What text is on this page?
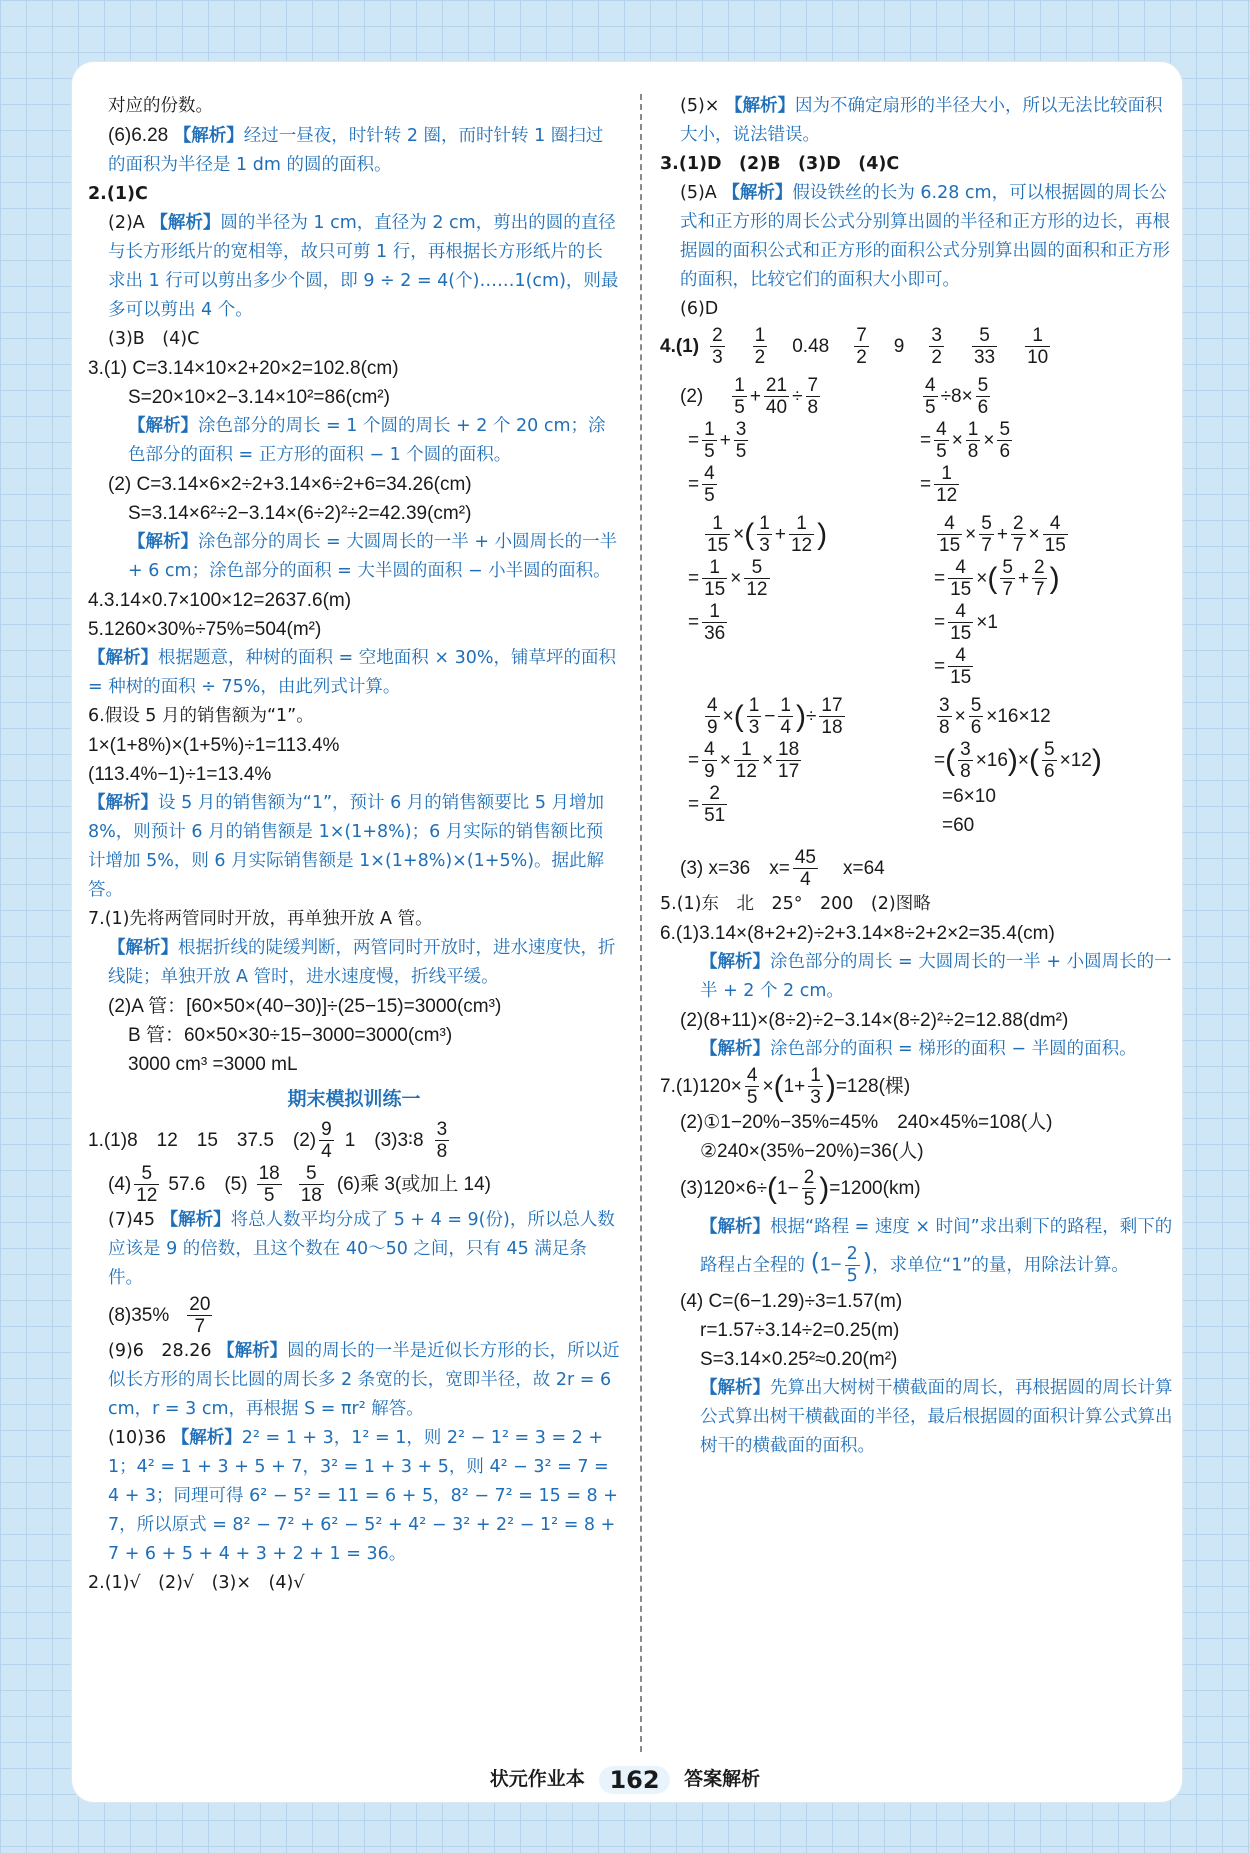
对应的份数。
(6)6.28 【解析】经过一昼夜，时针转 2 圈，而时针转 1 圈扫过的面积为半径是 1 dm 的圆的面积。
2.(1)C
(2)A 【解析】圆的半径为 1 cm，直径为 2 cm，剪出的圆的直径与长方形纸片的宽相等，故只可剪 1 行，再根据长方形纸片的长求出 1 行可以剪出多少个圆，即 9 ÷ 2 = 4(个)……1(cm)，则最多可以剪出 4 个。
(3)B　(4)C
3.(1) C=3.14×10×2+20×2=102.8(cm)
S=20×10×2−3.14×10²=86(cm²)
【解析】涂色部分的周长 = 1 个圆的周长 + 2 个 20 cm；涂色部分的面积 = 正方形的面积 − 1 个圆的面积。
(2) C=3.14×6×2÷2+3.14×6÷2+6=34.26(cm)
S=3.14×6²÷2−3.14×(6÷2)²÷2=42.39(cm²)
【解析】涂色部分的周长 = 大圆周长的一半 + 小圆周长的一半 + 6 cm；涂色部分的面积 = 大半圆的面积 − 小半圆的面积。
4.3.14×0.7×100×12=2637.6(m)
5.1260×30%÷75%=504(m²)
【解析】根据题意，种树的面积 = 空地面积 × 30%，铺草坪的面积 = 种树的面积 ÷ 75%，由此列式计算。
6.假设 5 月的销售额为“1”。
1×(1+8%)×(1+5%)÷1=113.4%
(113.4%−1)÷1=13.4%
【解析】设 5 月的销售额为“1”，预计 6 月的销售额要比 5 月增加 8%，则预计 6 月的销售额是 1×(1+8%)；6 月实际的销售额比预计增加 5%，则 6 月实际销售额是 1×(1+8%)×(1+5%)。据此解答。
7.(1)先将两管同时开放，再单独开放 A 管。
【解析】根据折线的陡缓判断，两管同时开放时，进水速度快，折线陡；单独开放 A 管时，进水速度慢，折线平缓。
(2)A 管：[60×50×(40−30)]÷(25−15)=3000(cm³)
B 管：60×50×30÷15−3000=3000(cm³)
3000 cm³ =3000 mL
期末模拟训练一
1.(1)8　12　15　37.5　$(2) \frac{9}{4} 1$　(3)3∶8 $\frac{3}{8}$
$(4) \frac{5}{12} 57.6$　$(5) \frac{18}{5} \frac{5}{18} (6)$乘 3(或加上 14)
(7)45 【解析】将总人数平均分成了 5 + 4 = 9(份)，所以总人数应该是 9 的倍数，且这个数在 40～50 之间，只有 45 满足条件。
$(8)35\% \frac{20}{7}$
(9)6　28.26 【解析】圆的周长的一半是近似长方形的长，所以近似长方形的周长比圆的周长多 2 条宽的长，宽即半径，故 2r = 6 cm，r = 3 cm，再根据 S = πr² 解答。
(10)36 【解析】2² = 1 + 3，1² = 1，则 2² − 1² = 3 = 2 + 1；4² = 1 + 3 + 5 + 7，3² = 1 + 3 + 5，则 4² − 3² = 7 = 4 + 3；同理可得 6² − 5² = 11 = 6 + 5，8² − 7² = 15 = 8 + 7，所以原式 = 8² − 7² + 6² − 5² + 4² − 3² + 2² − 1² = 8 + 7 + 6 + 5 + 4 + 3 + 2 + 1 = 36。
2.(1)√　(2)√　(3)×　(4)√
(5)× 【解析】因为不确定扇形的半径大小，所以无法比较面积大小，说法错误。
3.(1)D　(2)B　(3)D　(4)C
(5)A 【解析】假设铁丝的长为 6.28 cm，可以根据圆的周长公式和正方形的周长公式分别算出圆的半径和正方形的边长，再根据圆的面积公式和正方形的面积公式分别算出圆的面积和正方形的面积，比较它们的面积大小即可。
(6)D
$4.(1) \frac{2}{3} \frac{1}{2} 0.48 \frac{7}{2} 9 \frac{3}{2} \frac{5}{33} \frac{1}{10}$
$(2) \frac{1}{5} + \frac{21}{40} \div \frac{7}{8}$
= $\frac{1}{5} + \frac{3}{5}$
= $\frac{4}{5}$
$\frac{4}{5} \div 8\times \frac{5}{6}$
= $\frac{4}{5} \times \frac{1}{8} \times \frac{5}{6}$
= $\frac{1}{12}$
$\frac{1}{15}$ × ( $\frac{1}{3} + \frac{1}{12}$ )
= $\frac{1}{15} \times \frac{5}{12}$
= $\frac{1}{36}$
$\frac{4}{15} \times \frac{5}{7} + \frac{2}{7} \times \frac{4}{15}$
= $\frac{4}{15}$ × ( $\frac{5}{7} + \frac{2}{7}$ )
= $\frac{4}{15} \times 1$
= $\frac{4}{15}$
$\frac{4}{9}$ × ( $\frac{1}{3} - \frac{1}{4}$ ) ÷ $\frac{17}{18}$
= $\frac{4}{9} \times \frac{1}{12} \times \frac{18}{17}$
= $\frac{2}{51}$
$\frac{3}{8} \times \frac{5}{6} \times 16\times 12$
= ( $\frac{3}{8} \times 16$ ) × ( $\frac{5}{6} \times 12$ )
=6×10
=60
(3) x=36　$x= \frac{45}{4} x=64$
5.(1)东　北　25°　200　(2)图略
6.(1)3.14×(8+2+2)÷2+3.14×8÷2+2×2=35.4(cm)
【解析】涂色部分的周长 = 大圆周长的一半 + 小圆周长的一半 + 2 个 2 cm。
(2)(8+11)×(8÷2)÷2−3.14×(8÷2)²÷2=12.88(dm²)
【解析】涂色部分的面积 = 梯形的面积 − 半圆的面积。
$7.(1)120\times \frac{4}{5}$ × ( $1+ \frac{1}{3}$ ) =128(棵)
(2)①1−20%−35%=45%　240×45%=108(人)
②240×(35%−20%)=36(人)
(3)120×6÷ ( $1- \frac{2}{5}$ ) =1200(km)
【解析】根据“路程 = 速度 × 时间”求出剩下的路程，剩下的路程占全程的 ($1- \frac{2}{5}$ )，求单位“1”的量，用除法计算。
(4) C=(6−1.29)÷3=1.57(m)
r=1.57÷3.14÷2=0.25(m)
S=3.14×0.25²≈0.20(m²)
【解析】先算出大树树干横截面的周长，再根据圆的周长计算公式算出树干横截面的半径，最后根据圆的面积计算公式算出树干的横截面的面积。
状元作业本 162 答案解析
